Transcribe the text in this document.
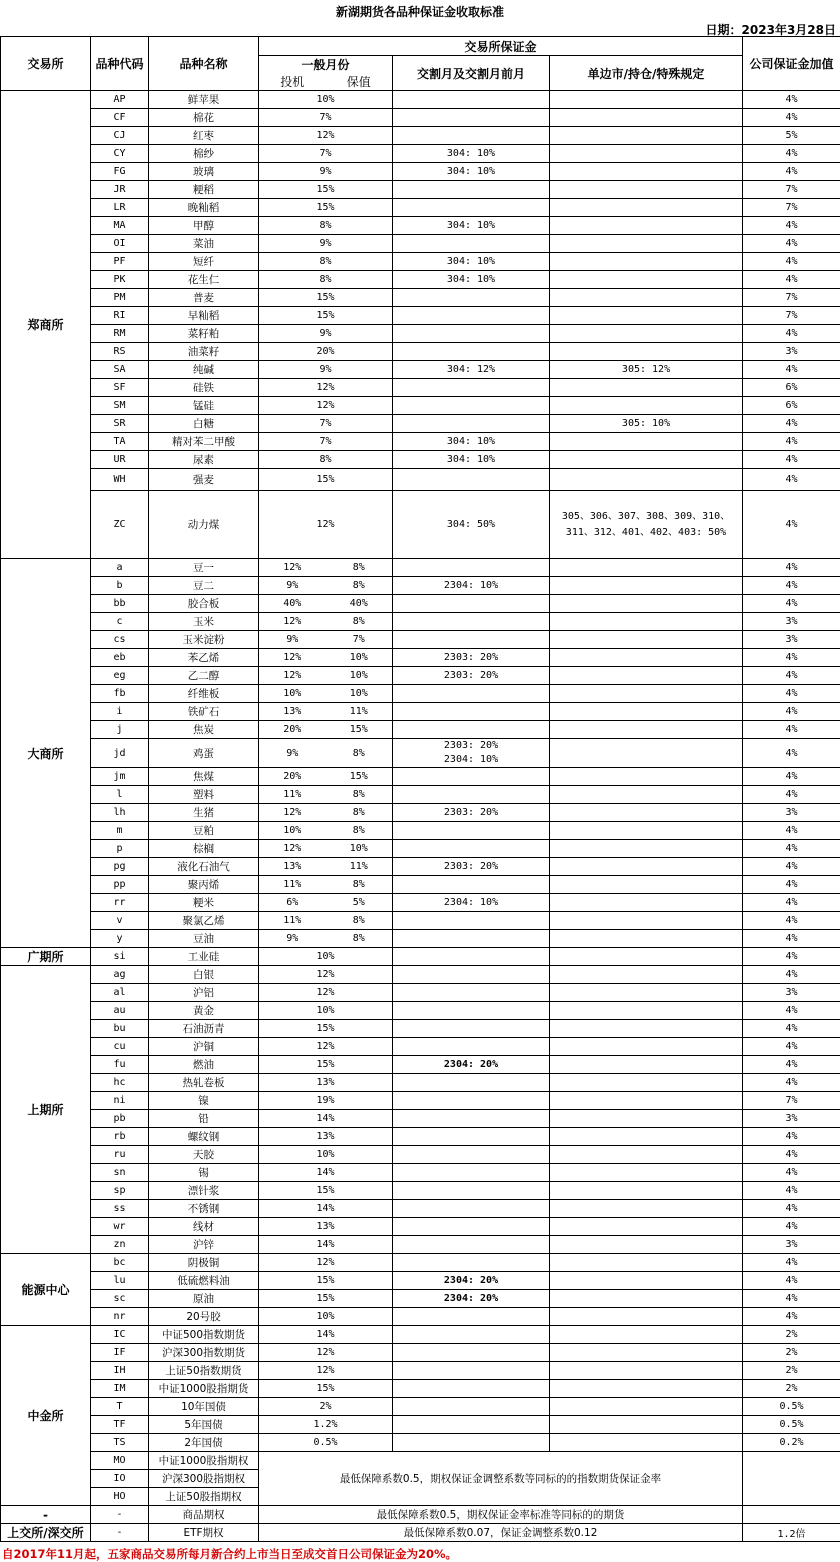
新湖期货各品种保证金收取标准
日期：2023年3月28日
交易所	品种代码	品种名称	交易所保证金				公司保证金加值
			一般月份		交割月及交割月前月	单边市/持仓/特殊规定	
			投机	保值			
郑商所	AP	鲜苹果	10%				4%
	CF	棉花	7%				4%
	CJ	红枣	12%				5%
	CY	棉纱	7%		304: 10%		4%
	FG	玻璃	9%		304: 10%		4%
	JR	粳稻	15%				7%
	LR	晚籼稻	15%				7%
	MA	甲醇	8%		304: 10%		4%
	OI	菜油	9%				4%
	PF	短纤	8%		304: 10%		4%
	PK	花生仁	8%		304: 10%		4%
	PM	普麦	15%				7%
	RI	早籼稻	15%				7%
	RM	菜籽粕	9%				4%
	RS	油菜籽	20%				3%
	SA	纯碱	9%		304: 12%	305: 12%	4%
	SF	硅铁	12%				6%
	SM	锰硅	12%				6%
	SR	白糖	7%			305: 10%	4%
	TA	精对苯二甲酸	7%		304: 10%		4%
	UR	尿素	8%		304: 10%		4%
	WH	强麦	15%				4%
	ZC	动力煤	12%		304: 50%	305、306、307、308、309、310、311、312、401、402、403: 50%	4%
大商所	a	豆一	12%	8%			4%
	b	豆二	9%	8%	2304: 10%		4%
	bb	胶合板	40%	40%			4%
	c	玉米	12%	8%			3%
	cs	玉米淀粉	9%	7%			3%
	eb	苯乙烯	12%	10%	2303: 20%		4%
	eg	乙二醇	12%	10%	2303: 20%		4%
	fb	纤维板	10%	10%			4%
	i	铁矿石	13%	11%			4%
	j	焦炭	20%	15%			4%
	jd	鸡蛋	9%	8%	2303: 20%
2304: 10%		4%
	jm	焦煤	20%	15%			4%
	l	塑料	11%	8%			4%
	lh	生猪	12%	8%	2303: 20%		3%
	m	豆粕	10%	8%			4%
	p	棕榈	12%	10%			4%
	pg	液化石油气	13%	11%	2303: 20%		4%
	pp	聚丙烯	11%	8%			4%
	rr	粳米	6%	5%	2304: 10%		4%
	v	聚氯乙烯	11%	8%			4%
	y	豆油	9%	8%			4%
广期所	si	工业硅	10%				4%
上期所	ag	白银	12%				4%
	al	沪铝	12%				3%
	au	黄金	10%				4%
	bu	石油沥青	15%				4%
	cu	沪铜	12%				4%
	fu	燃油	15%		2304: 20%		4%
	hc	热轧卷板	13%				4%
	ni	镍	19%				7%
	pb	铅	14%				3%
	rb	螺纹钢	13%				4%
	ru	天胶	10%				4%
	sn	锡	14%				4%
	sp	漂针浆	15%				4%
	ss	不锈钢	14%				4%
	wr	线材	13%				4%
	zn	沪锌	14%				3%
能源中心	bc	阴极铜	12%				4%
	lu	低硫燃料油	15%		2304: 20%		4%
	sc	原油	15%		2304: 20%		4%
	nr	20号胶	10%				4%
中金所	IC	中证500指数期货	14%				2%
	IF	沪深300指数期货	12%				2%
	IH	上证50指数期货	12%				2%
	IM	中证1000股指期货	15%				2%
	T	10年国债	2%				0.5%
	TF	5年国债	1.2%				0.5%
	TS	2年国债	0.5%				0.2%
	MO	中证1000股指期权	最低保障系数0.5，期权保证金调整系数等同标的的指数期货保证金率				
	IO	沪深300股指期权					
	HO	上证50股指期权					
-	-	商品期权	最低保障系数0.5，期权保证金率标准等同标的的期货				
上交所/深交所	-	ETF期权	最低保障系数0.07，保证金调整系数0.12				1.2倍
自2017年11月起，五家商品交易所每月新合约上市当日至成交首日公司保证金为20%。
